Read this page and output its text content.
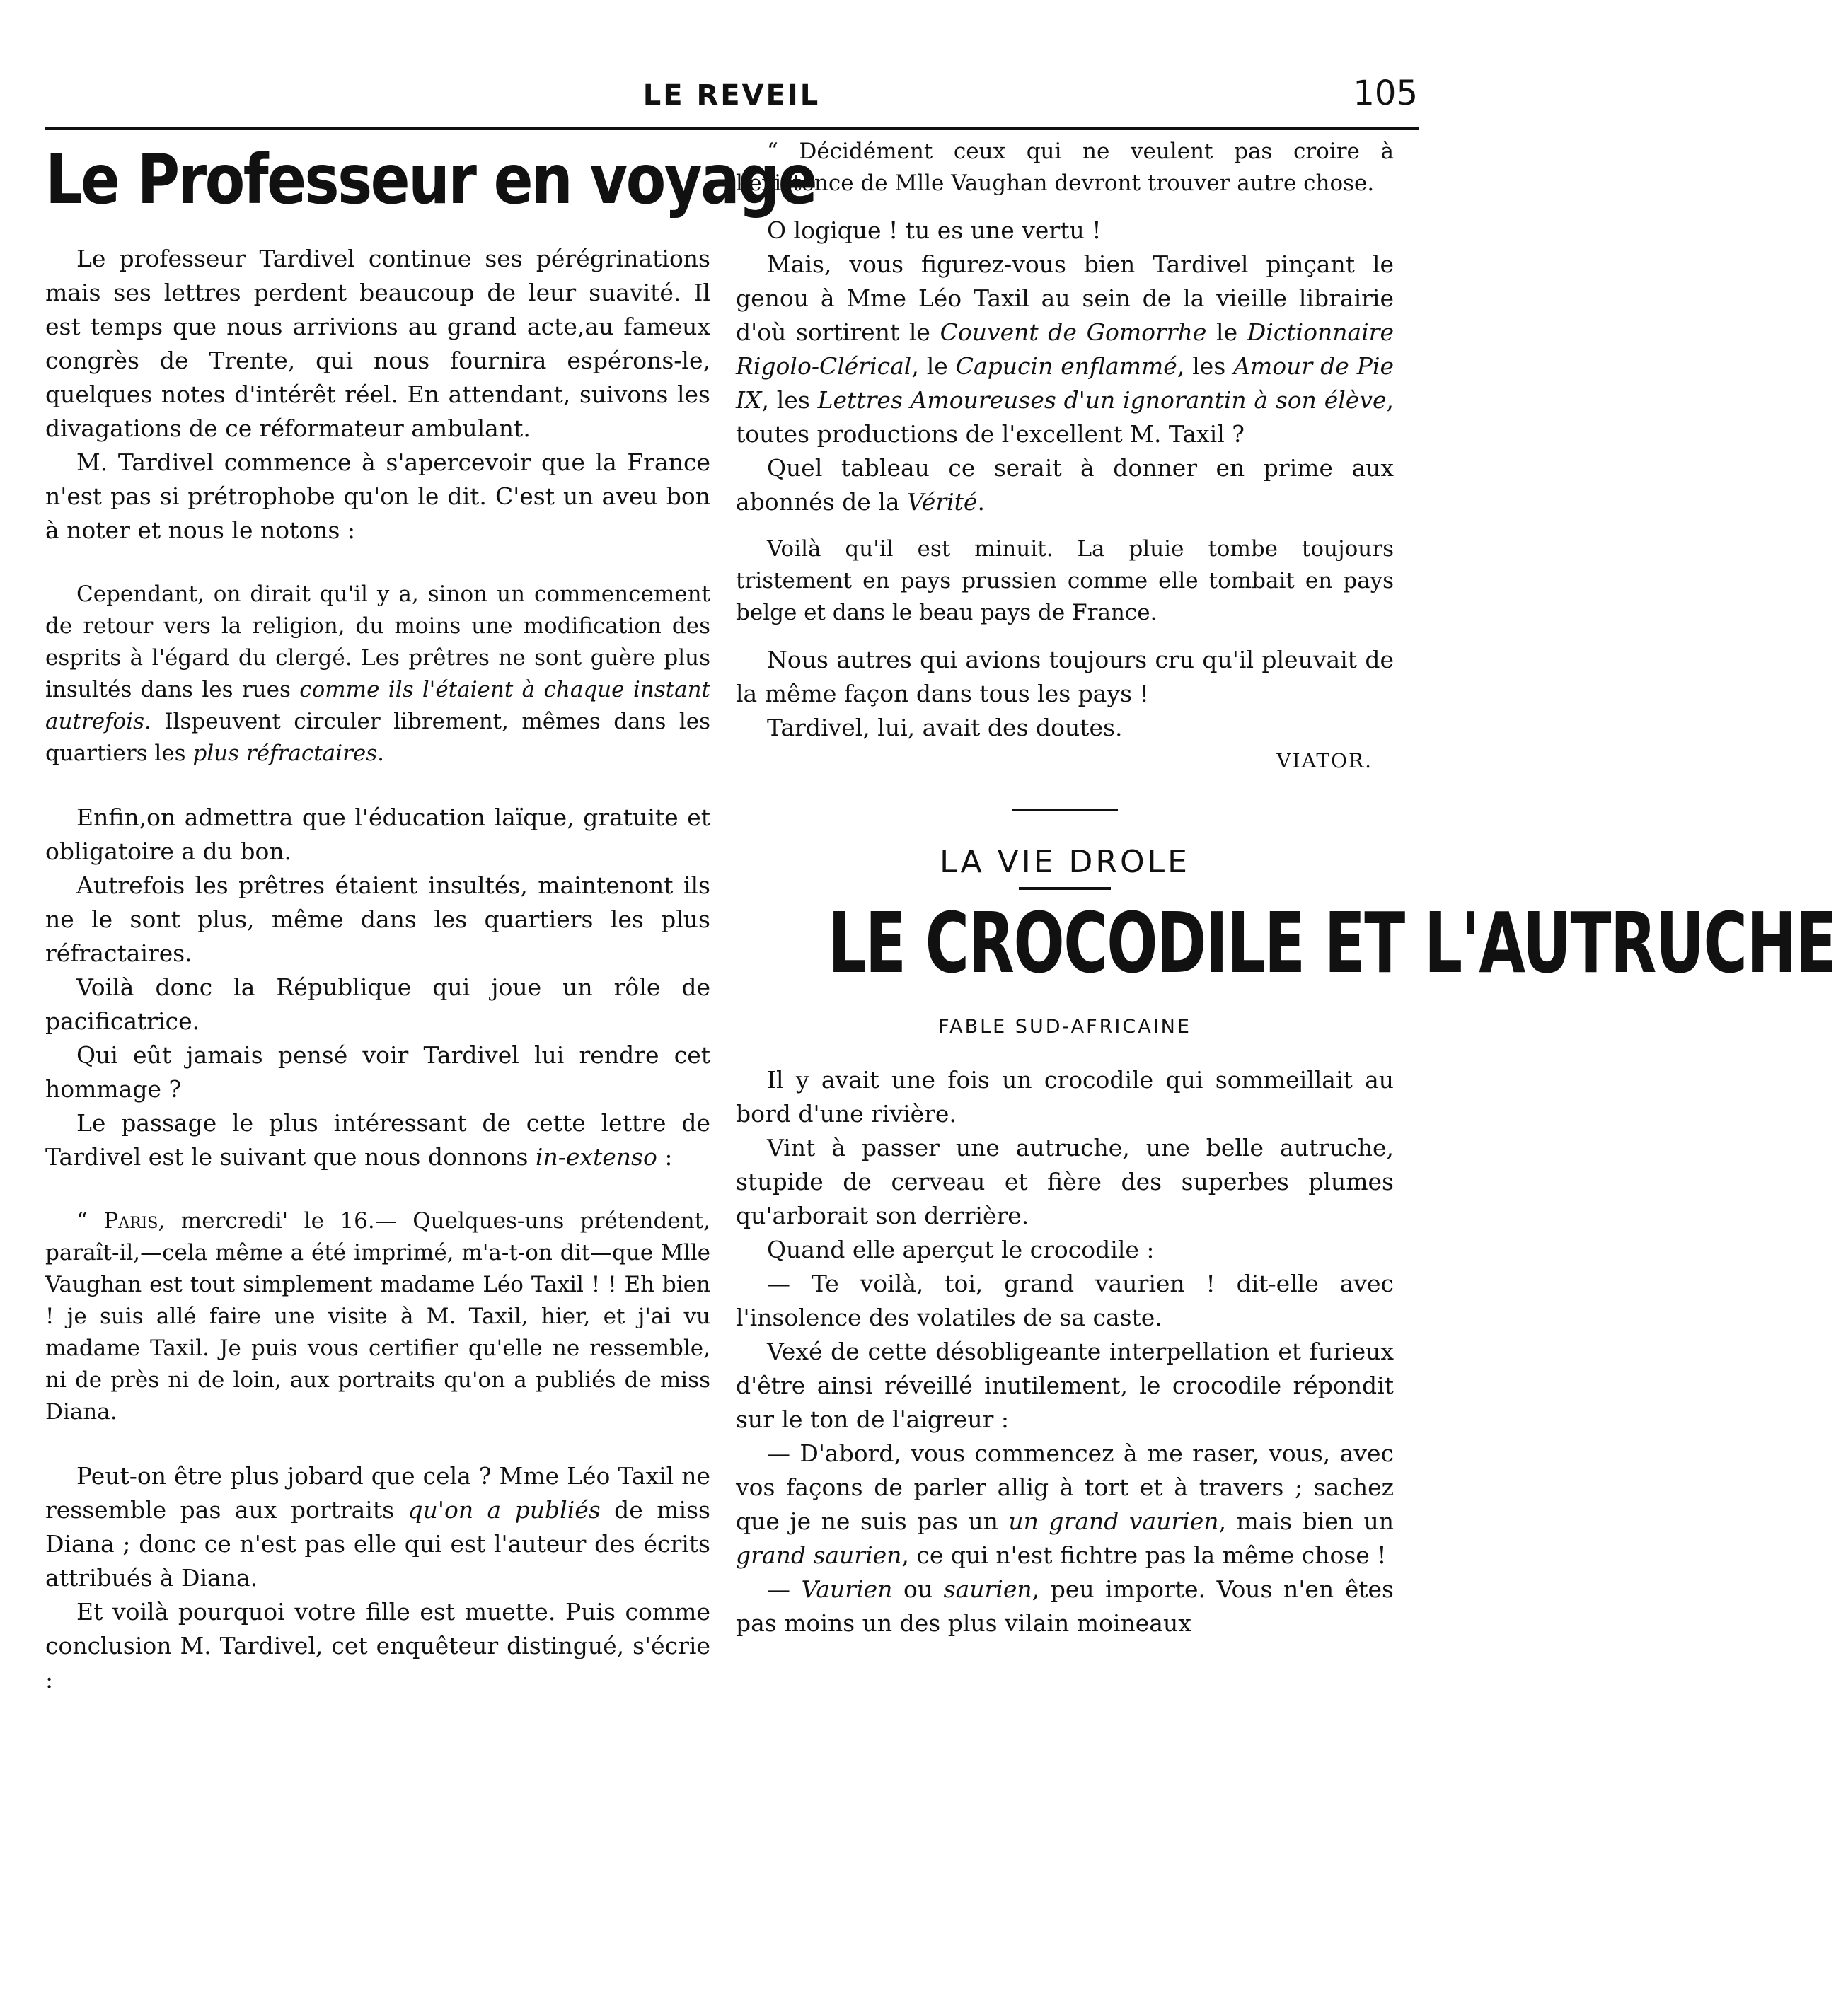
LE REVEIL	105
Le Professeur en voyage

Le professeur Tardivel continue ses pérégrinations mais ses lettres perdent beaucoup de leur suavité. Il est temps que nous arrivions au grand acte,au fameux congrès de Trente, qui nous fournira espérons-le, quelques notes d'intérêt réel. En attendant, suivons les divagations de ce réformateur ambulant.

M. Tardivel commence à s'apercevoir que la France n'est pas si prétrophobe qu'on le dit. C'est un aveu bon à noter et nous le notons :

Cependant, on dirait qu'il y a, sinon un commencement de retour vers la religion, du moins une modification des esprits à l'égard du clergé. Les prêtres ne sont guère plus insultés dans les rues comme ils l'étaient à chaque instant autrefois. Ilspeuvent circuler librement, mêmes dans les quartiers les plus réfractaires.

Enfin,on admettra que l'éducation laïque, gratuite et obligatoire a du bon.

Autrefois les prêtres étaient insultés, maintenont ils ne le sont plus, même dans les quartiers les plus réfractaires.

Voilà donc la République qui joue un rôle de pacificatrice.

Qui eût jamais pensé voir Tardivel lui rendre cet hommage ?

Le passage le plus intéressant de cette lettre de Tardivel est le suivant que nous donnons in-extenso :

“ Paris, mercredi' le 16.— Quelques-uns prétendent, paraît-il,—cela même a été imprimé, m'a-t-on dit—que Mlle Vaughan est tout simplement madame Léo Taxil ! ! Eh bien ! je suis allé faire une visite à M. Taxil, hier, et j'ai vu madame Taxil. Je puis vous certifier qu'elle ne ressemble, ni de près ni de loin, aux portraits qu'on a publiés de miss Diana.

Peut-on être plus jobard que cela ? Mme Léo Taxil ne ressemble pas aux portraits qu'on a publiés de miss Diana ; donc ce n'est pas elle qui est l'auteur des écrits attribués à Diana.

Et voilà pourquoi votre fille est muette. Puis comme conclusion M. Tardivel, cet enquêteur distingué, s'écrie :

“ Décidément ceux qui ne veulent pas croire à l'existence de Mlle Vaughan devront trouver autre chose.

O logique ! tu es une vertu !

Mais, vous figurez-vous bien Tardivel pinçant le genou à Mme Léo Taxil au sein de la vieille librairie d'où sortirent le Couvent de Gomorrhe le Dictionnaire Rigolo-Clérical, le Capucin enflammé, les Amour de Pie IX, les Lettres Amoureuses d'un ignorantin à son élève, toutes productions de l'excellent M. Taxil ?

Quel tableau ce serait à donner en prime aux abonnés de la Vérité.

Voilà qu'il est minuit. La pluie tombe toujours tristement en pays prussien comme elle tombait en pays belge et dans le beau pays de France.

Nous autres qui avions toujours cru qu'il pleuvait de la même façon dans tous les pays !

Tardivel, lui, avait des doutes.

VIATOR.
LA VIE DROLE
LE CROCODILE ET L'AUTRUCHE
FABLE SUD-AFRICAINE

Il y avait une fois un crocodile qui sommeillait au bord d'une rivière.

Vint à passer une autruche, une belle autruche, stupide de cerveau et fière des superbes plumes qu'arborait son derrière.

Quand elle aperçut le crocodile :

— Te voilà, toi, grand vaurien ! dit-elle avec l'insolence des volatiles de sa caste.

Vexé de cette désobligeante interpellation et furieux d'être ainsi réveillé inutilement, le crocodile répondit sur le ton de l'aigreur :

— D'abord, vous commencez à me raser, vous, avec vos façons de parler allig à tort et à travers ; sachez que je ne suis pas un un grand vaurien, mais bien un grand saurien, ce qui n'est fichtre pas la même chose !

— Vaurien ou saurien, peu importe. Vous n'en êtes pas moins un des plus vilain moineaux
